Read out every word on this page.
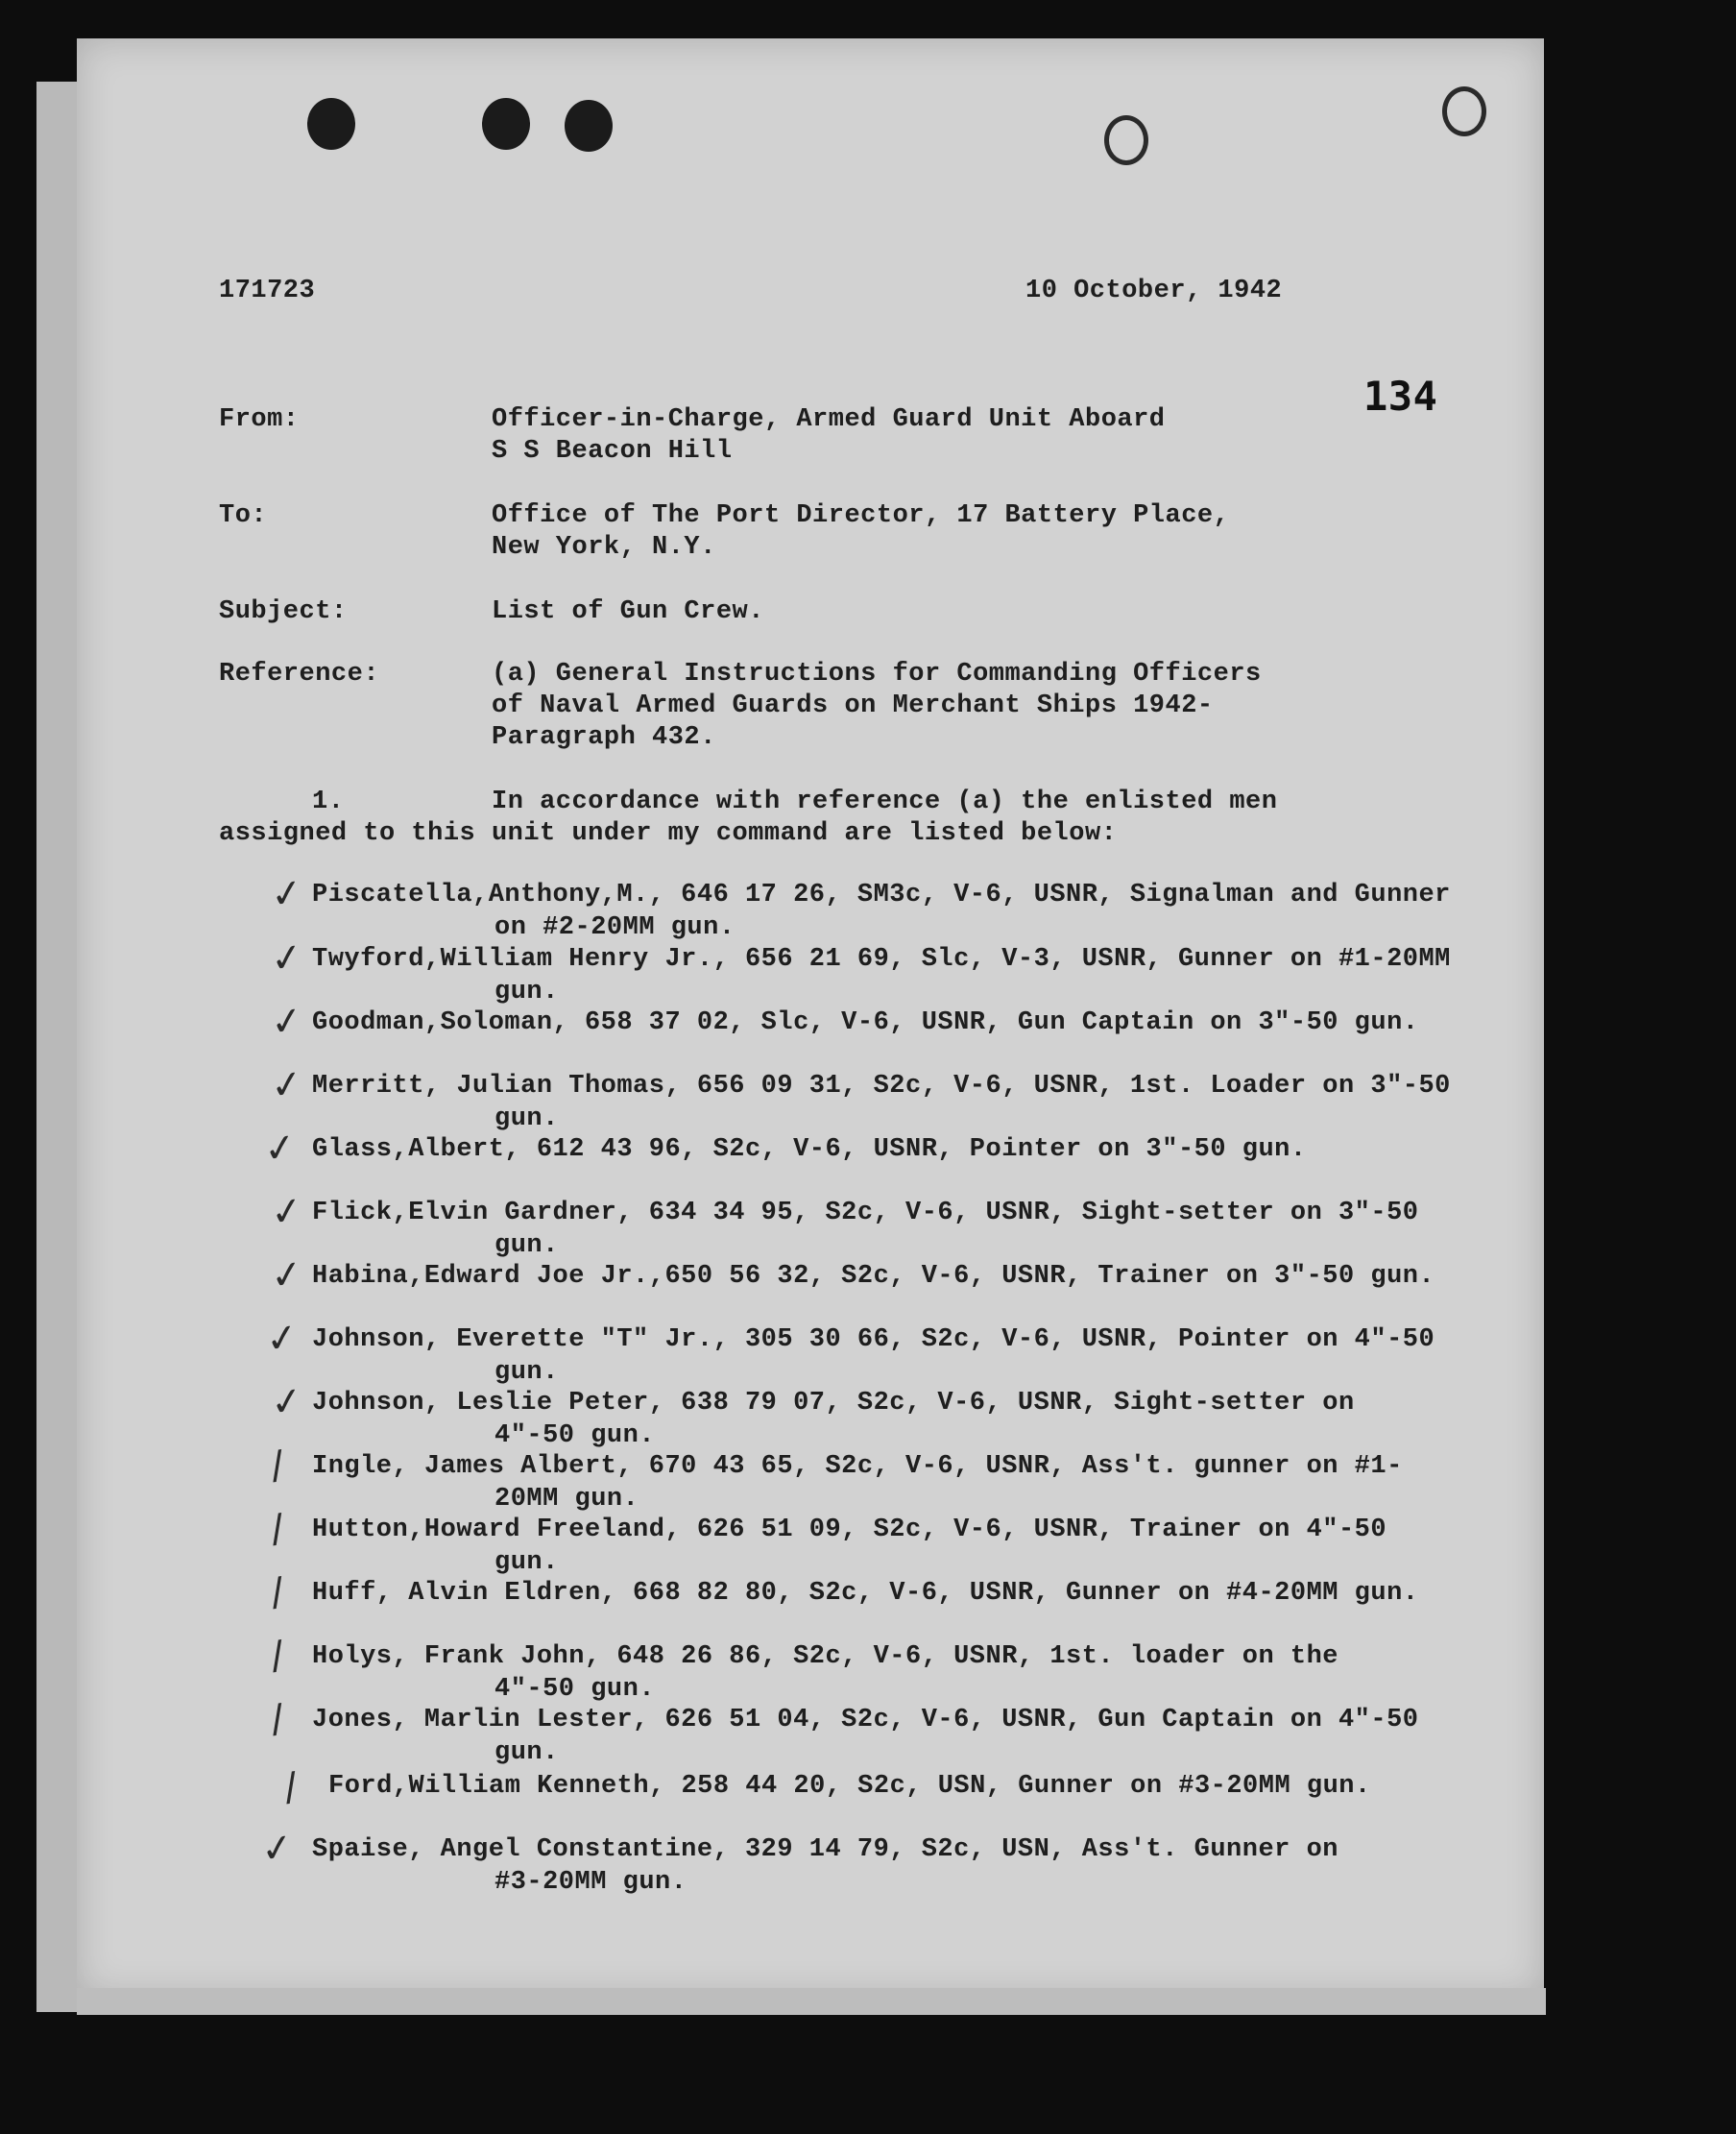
171723	10 October, 1942
134
From:	Officer-in-Charge, Armed Guard Unit Aboard
S S Beacon Hill
To:	Office of The Port Director, 17 Battery Place,
New York, N.Y.
Subject:	List of Gun Crew.
Reference:	(a) General Instructions for Commanding Officers
of Naval Armed Guards on Merchant Ships 1942-
Paragraph 432.
1.	In accordance with reference (a) the enlisted men
assigned to this unit under my command are listed below:
✓ Piscatella,Anthony,M., 646 17 26, SM3c, V-6, USNR, Signalman and Gunner
on #2-20MM gun.
✓ Twyford,William Henry Jr., 656 21 69, Slc, V-3, USNR, Gunner on #1-20MM
gun.
✓ Goodman,Soloman, 658 37 02, Slc, V-6, USNR, Gun Captain on 3"-50 gun.
✓ Merritt, Julian Thomas, 656 09 31, S2c, V-6, USNR, 1st. Loader on 3"-50
gun.
✓ Glass,Albert, 612 43 96, S2c, V-6, USNR, Pointer on 3"-50 gun.
✓ Flick,Elvin Gardner, 634 34 95, S2c, V-6, USNR, Sight-setter on 3"-50
gun.
✓ Habina,Edward Joe Jr.,650 56 32, S2c, V-6, USNR, Trainer on 3"-50 gun.
✓ Johnson, Everette "T" Jr., 305 30 66, S2c, V-6, USNR, Pointer on 4"-50
gun.
✓ Johnson, Leslie Peter, 638 79 07, S2c, V-6, USNR, Sight-setter on
4"-50 gun.
/ Ingle, James Albert, 670 43 65, S2c, V-6, USNR, Ass't. gunner on #1-
20MM gun.
/ Hutton,Howard Freeland, 626 51 09, S2c, V-6, USNR, Trainer on 4"-50
gun.
/ Huff, Alvin Eldren, 668 82 80, S2c, V-6, USNR, Gunner on #4-20MM gun.
/ Holys, Frank John, 648 26 86, S2c, V-6, USNR, 1st. loader on the
4"-50 gun.
/ Jones, Marlin Lester, 626 51 04, S2c, V-6, USNR, Gun Captain on 4"-50
gun.
/ Ford,William Kenneth, 258 44 20, S2c, USN, Gunner on #3-20MM gun.
✓ Spaise, Angel Constantine, 329 14 79, S2c, USN, Ass't. Gunner on
#3-20MM gun.
